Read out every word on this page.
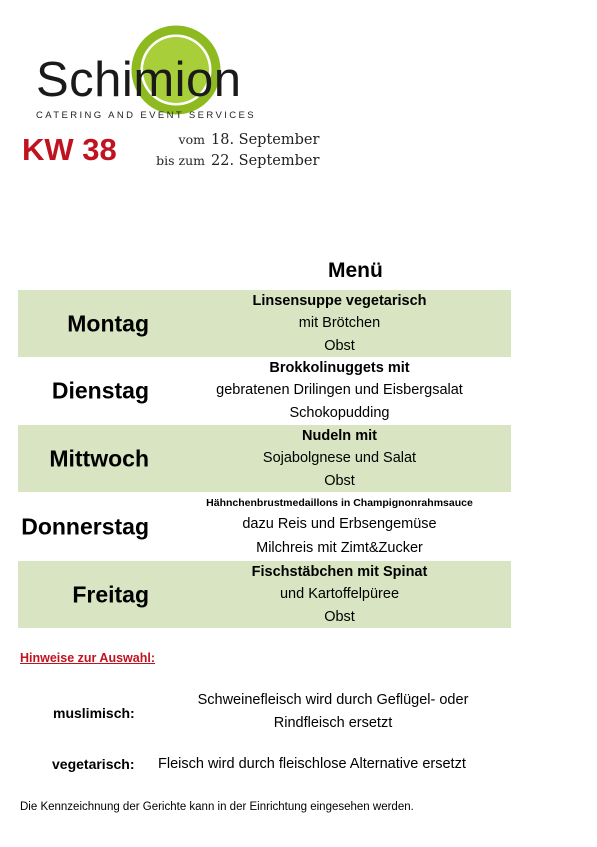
Schimion
CATERING AND EVENT SERVICES
KW 38	vom 18. September
bis zum 22. September
Menü
Montag
Linsensuppe vegetarisch
mit Brötchen
Obst
Dienstag
Brokkolinuggets mit
gebratenen Drilingen und Eisbergsalat
Schokopudding
Mittwoch
Nudeln mit
Sojabolgnese und Salat
Obst
Donnerstag
Hähnchenbrustmedaillons in Champignonrahmsauce
dazu Reis und Erbsengemüse
Milchreis mit Zimt&Zucker
Freitag
Fischstäbchen mit Spinat
und Kartoffelpüree
Obst
Hinweise zur Auswahl:
muslimisch:
Schweinefleisch wird durch Geflügel- oder
Rindfleisch ersetzt
vegetarisch: Fleisch wird durch fleischlose Alternative ersetzt
Die Kennzeichnung der Gerichte kann in der Einrichtung eingesehen werden.
